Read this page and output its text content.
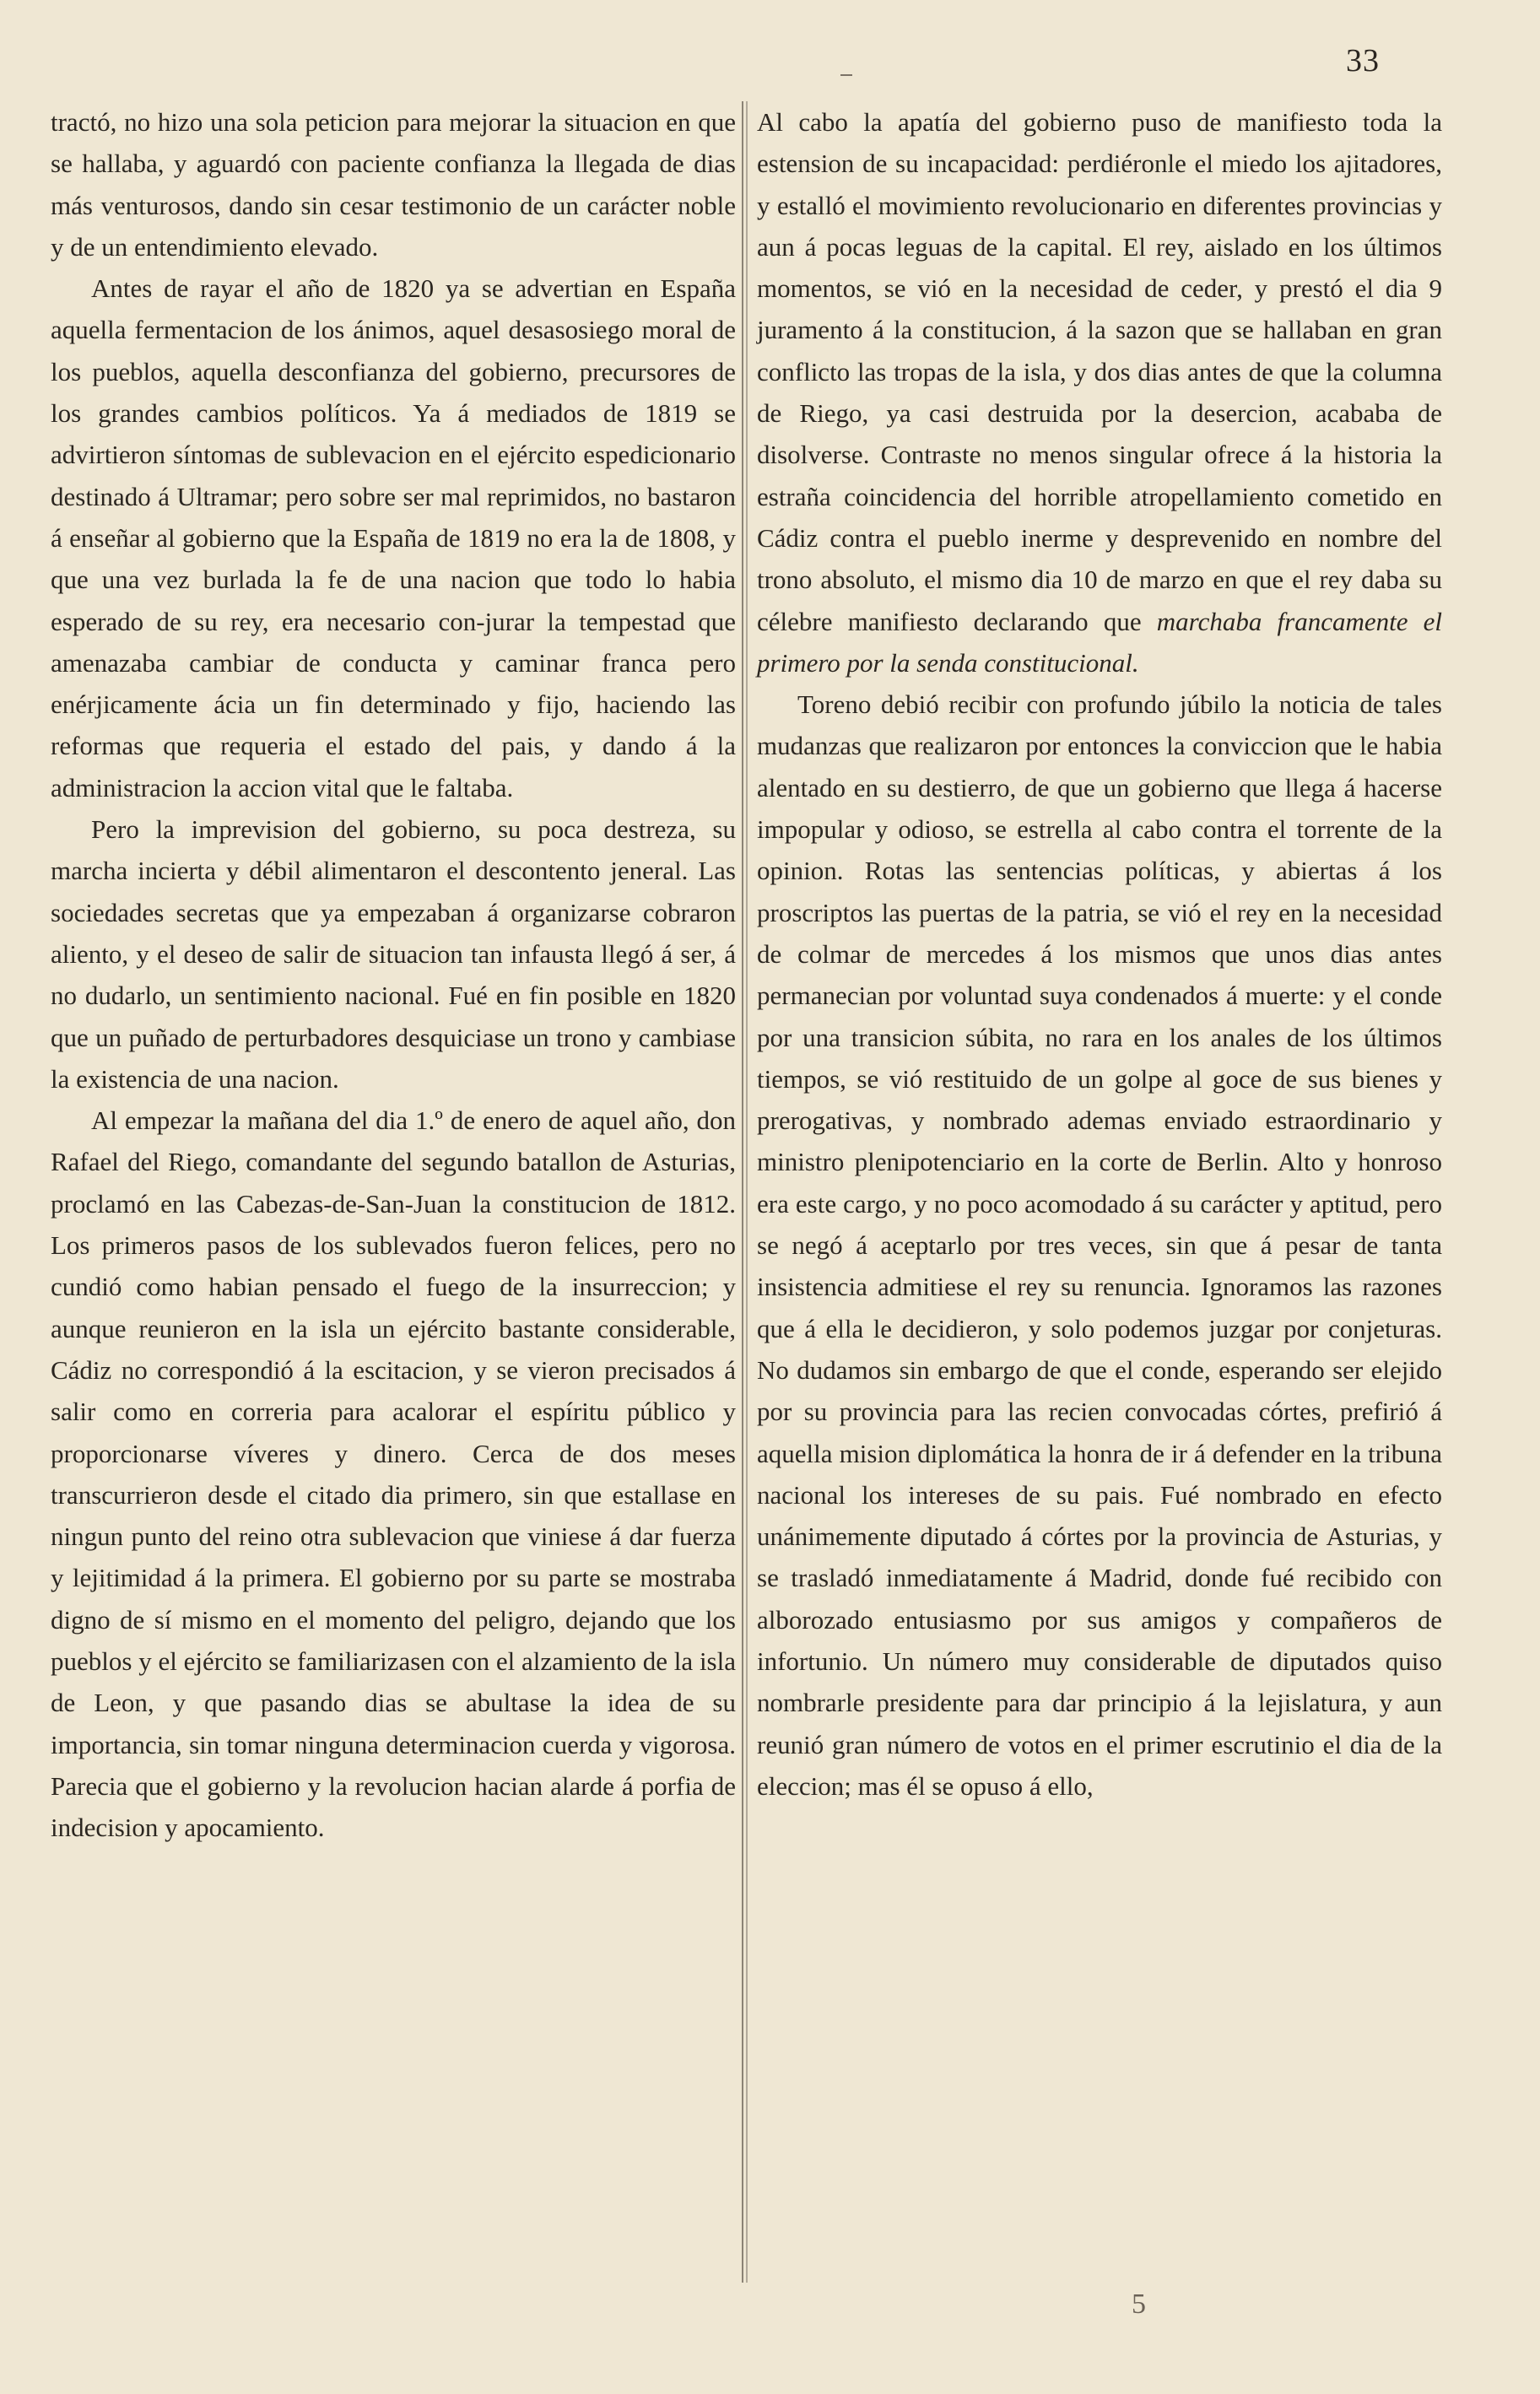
33

tractó, no hizo una sola peticion para mejorar la situacion en que se hallaba, y aguardó con paciente confianza la llegada de dias más venturosos, dando sin cesar testimonio de un carácter noble y de un entendimiento elevado.

Antes de rayar el año de 1820 ya se advertian en España aquella fermentacion de los ánimos, aquel desasosiego moral de los pueblos, aquella desconfianza del gobierno, precursores de los grandes cambios políticos. Ya á mediados de 1819 se advirtieron síntomas de sublevacion en el ejército espedicionario destinado á Ultramar; pero sobre ser mal reprimidos, no bastaron á enseñar al gobierno que la España de 1819 no era la de 1808, y que una vez burlada la fe de una nacion que todo lo habia esperado de su rey, era necesario con-jurar la tempestad que amenazaba cambiar de conducta y caminar franca pero enérjicamente ácia un fin determinado y fijo, haciendo las reformas que requeria el estado del pais, y dando á la administracion la accion vital que le faltaba.

Pero la imprevision del gobierno, su poca destreza, su marcha incierta y débil alimentaron el descontento jeneral. Las sociedades secretas que ya empezaban á organizarse cobraron aliento, y el deseo de salir de situacion tan infausta llegó á ser, á no dudarlo, un sentimiento nacional. Fué en fin posible en 1820 que un puñado de perturbadores desquiciase un trono y cambiase la existencia de una nacion.

Al empezar la mañana del dia 1.º de enero de aquel año, don Rafael del Riego, comandante del segundo batallon de Asturias, proclamó en las Cabezas-de-San-Juan la constitucion de 1812. Los primeros pasos de los sublevados fueron felices, pero no cundió como habian pensado el fuego de la insurreccion; y aunque reunieron en la isla un ejército bastante considerable, Cádiz no correspondió á la escitacion, y se vieron precisados á salir como en correria para acalorar el espíritu público y proporcionarse víveres y dinero. Cerca de dos meses transcurrieron desde el citado dia primero, sin que estallase en ningun punto del reino otra sublevacion que viniese á dar fuerza y lejitimidad á la primera. El gobierno por su parte se mostraba digno de sí mismo en el momento del peligro, dejando que los pueblos y el ejército se familiarizasen con el alzamiento de la isla de Leon, y que pasando dias se abultase la idea de su importancia, sin tomar ninguna determinacion cuerda y vigorosa. Parecia que el gobierno y la revolucion hacian alarde á porfia de indecision y apocamiento.

Al cabo la apatía del gobierno puso de manifiesto toda la estension de su incapacidad: perdiéronle el miedo los ajitadores, y estalló el movimiento revolucionario en diferentes provincias y aun á pocas leguas de la capital. El rey, aislado en los últimos momentos, se vió en la necesidad de ceder, y prestó el dia 9 juramento á la constitucion, á la sazon que se hallaban en gran conflicto las tropas de la isla, y dos dias antes de que la columna de Riego, ya casi destruida por la desercion, acababa de disolverse. Contraste no menos singular ofrece á la historia la estraña coincidencia del horrible atropellamiento cometido en Cádiz contra el pueblo inerme y desprevenido en nombre del trono absoluto, el mismo dia 10 de marzo en que el rey daba su célebre manifiesto declarando que marchaba francamente el primero por la senda constitucional.

Toreno debió recibir con profundo júbilo la noticia de tales mudanzas que realizaron por entonces la conviccion que le habia alentado en su destierro, de que un gobierno que llega á hacerse impopular y odioso, se estrella al cabo contra el torrente de la opinion. Rotas las sentencias políticas, y abiertas á los proscriptos las puertas de la patria, se vió el rey en la necesidad de colmar de mercedes á los mismos que unos dias antes permanecian por voluntad suya condenados á muerte: y el conde por una transicion súbita, no rara en los anales de los últimos tiempos, se vió restituido de un golpe al goce de sus bienes y prerogativas, y nombrado ademas enviado estraordinario y ministro plenipotenciario en la corte de Berlin. Alto y honroso era este cargo, y no poco acomodado á su carácter y aptitud, pero se negó á aceptarlo por tres veces, sin que á pesar de tanta insistencia admitiese el rey su renuncia. Ignoramos las razones que á ella le decidieron, y solo podemos juzgar por conjeturas. No dudamos sin embargo de que el conde, esperando ser elejido por su provincia para las recien convocadas córtes, prefirió á aquella mision diplomática la honra de ir á defender en la tribuna nacional los intereses de su pais. Fué nombrado en efecto unánimemente diputado á córtes por la provincia de Asturias, y se trasladó inmediatamente á Madrid, donde fué recibido con alborozado entusiasmo por sus amigos y compañeros de infortunio. Un número muy considerable de diputados quiso nombrarle presidente para dar principio á la lejislatura, y aun reunió gran número de votos en el primer escrutinio el dia de la eleccion; mas él se opuso á ello,

5
